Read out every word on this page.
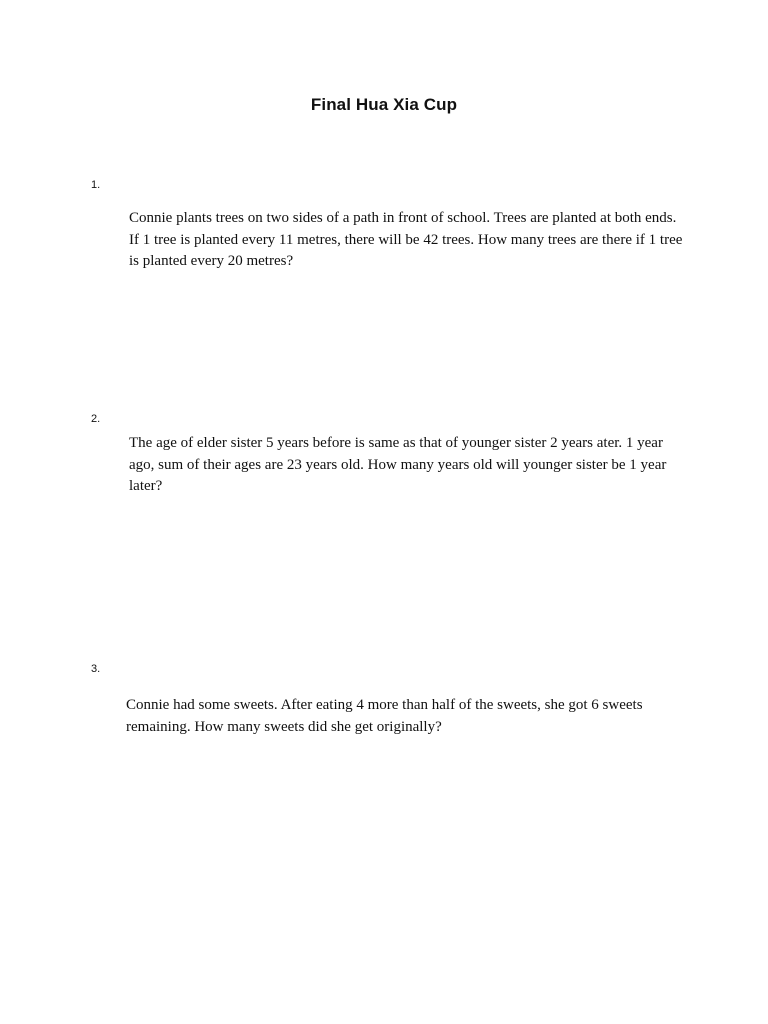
Final Hua Xia Cup
1.
Connie plants trees on two sides of a path in front of school. Trees are planted at both ends.
If 1 tree is planted every 11 metres, there will be 42 trees. How many trees are there if 1 tree
is planted every 20 metres?
2.
The age of elder sister 5 years before is same as that of younger sister 2 years ater. 1 year
ago, sum of their ages are 23 years old. How many years old will younger sister be 1 year
later?
3.
Connie had some sweets. After eating 4 more than half of the sweets, she got 6 sweets
remaining. How many sweets did she get originally?
